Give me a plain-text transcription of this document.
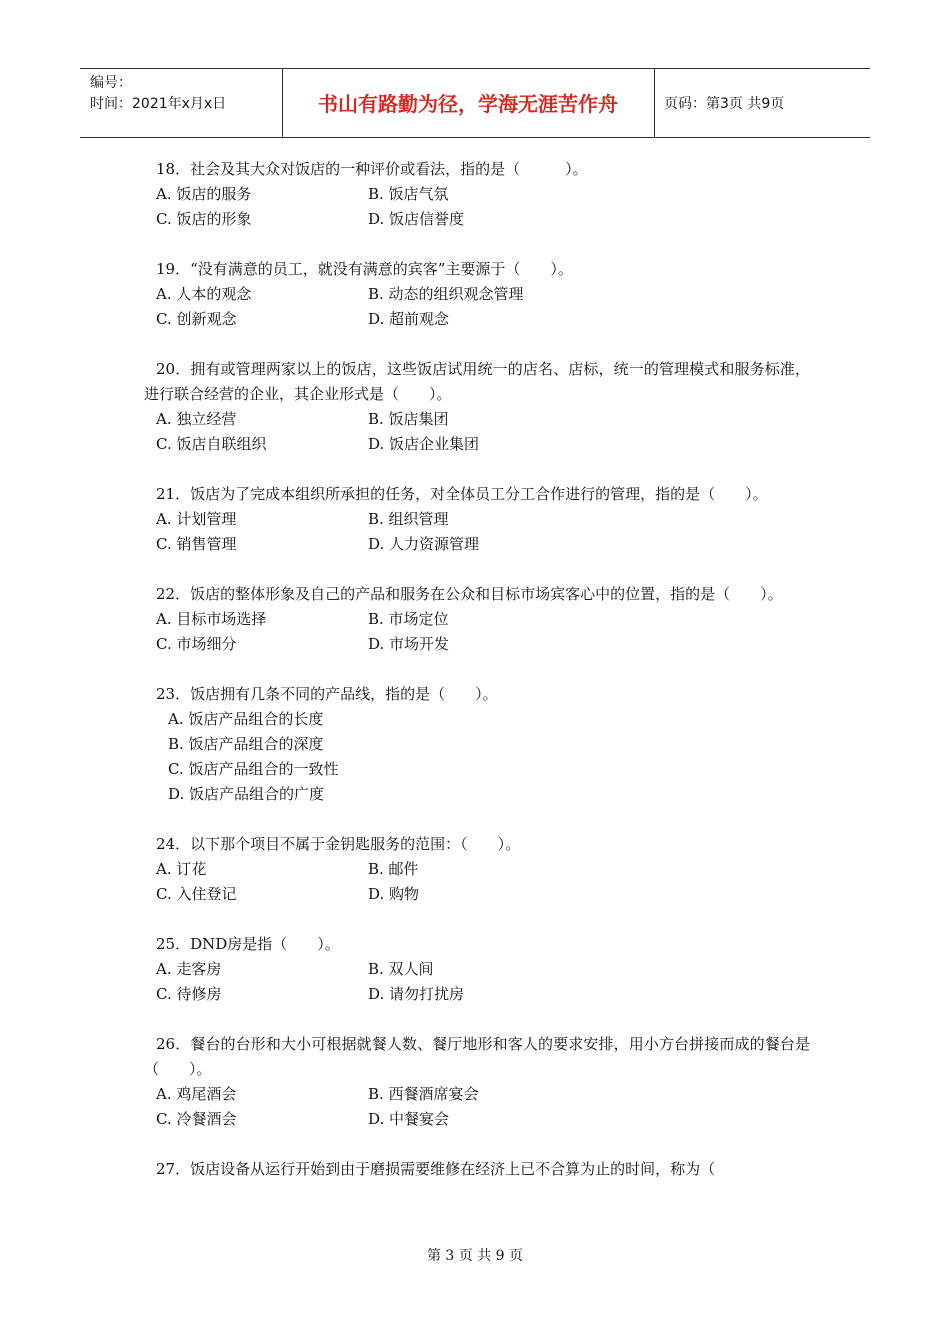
编号：
时间：2021年x月x日	书山有路勤为径，学海无涯苦作舟	页码：第3页 共9页
18．社会及其大众对饭店的一种评价或看法，指的是（　　　）。
A. 饭店的服务	B. 饭店气氛
C. 饭店的形象	D. 饭店信誉度
19．“没有满意的员工，就没有满意的宾客”主要源于（　　）。
A. 人本的观念	B. 动态的组织观念管理
C. 创新观念	D. 超前观念
20．拥有或管理两家以上的饭店，这些饭店试用统一的店名、店标，统一的管理模式和服务标准，进行联合经营的企业，其企业形式是（　　）。
A. 独立经营	B. 饭店集团
C. 饭店自联组织	D. 饭店企业集团
21．饭店为了完成本组织所承担的任务，对全体员工分工合作进行的管理，指的是（　　）。
A. 计划管理	B. 组织管理
C. 销售管理	D. 人力资源管理
22．饭店的整体形象及自己的产品和服务在公众和目标市场宾客心中的位置，指的是（　　）。
A. 目标市场选择	B. 市场定位
C. 市场细分	D. 市场开发
23．饭店拥有几条不同的产品线，指的是（　　）。
A. 饭店产品组合的长度
B. 饭店产品组合的深度
C. 饭店产品组合的一致性
D. 饭店产品组合的广度
24．以下那个项目不属于金钥匙服务的范围：（　　）。
A. 订花	B. 邮件
C. 入住登记	D. 购物
25．DND房是指（　　）。
A. 走客房	B. 双人间
C. 待修房	D. 请勿打扰房
26．餐台的台形和大小可根据就餐人数、餐厅地形和客人的要求安排，用小方台拼接而成的餐台是（　　）。
A. 鸡尾酒会	B. 西餐酒席宴会
C. 冷餐酒会	D. 中餐宴会
27．饭店设备从运行开始到由于磨损需要维修在经济上已不合算为止的时间，称为（
第 3 页 共 9 页
